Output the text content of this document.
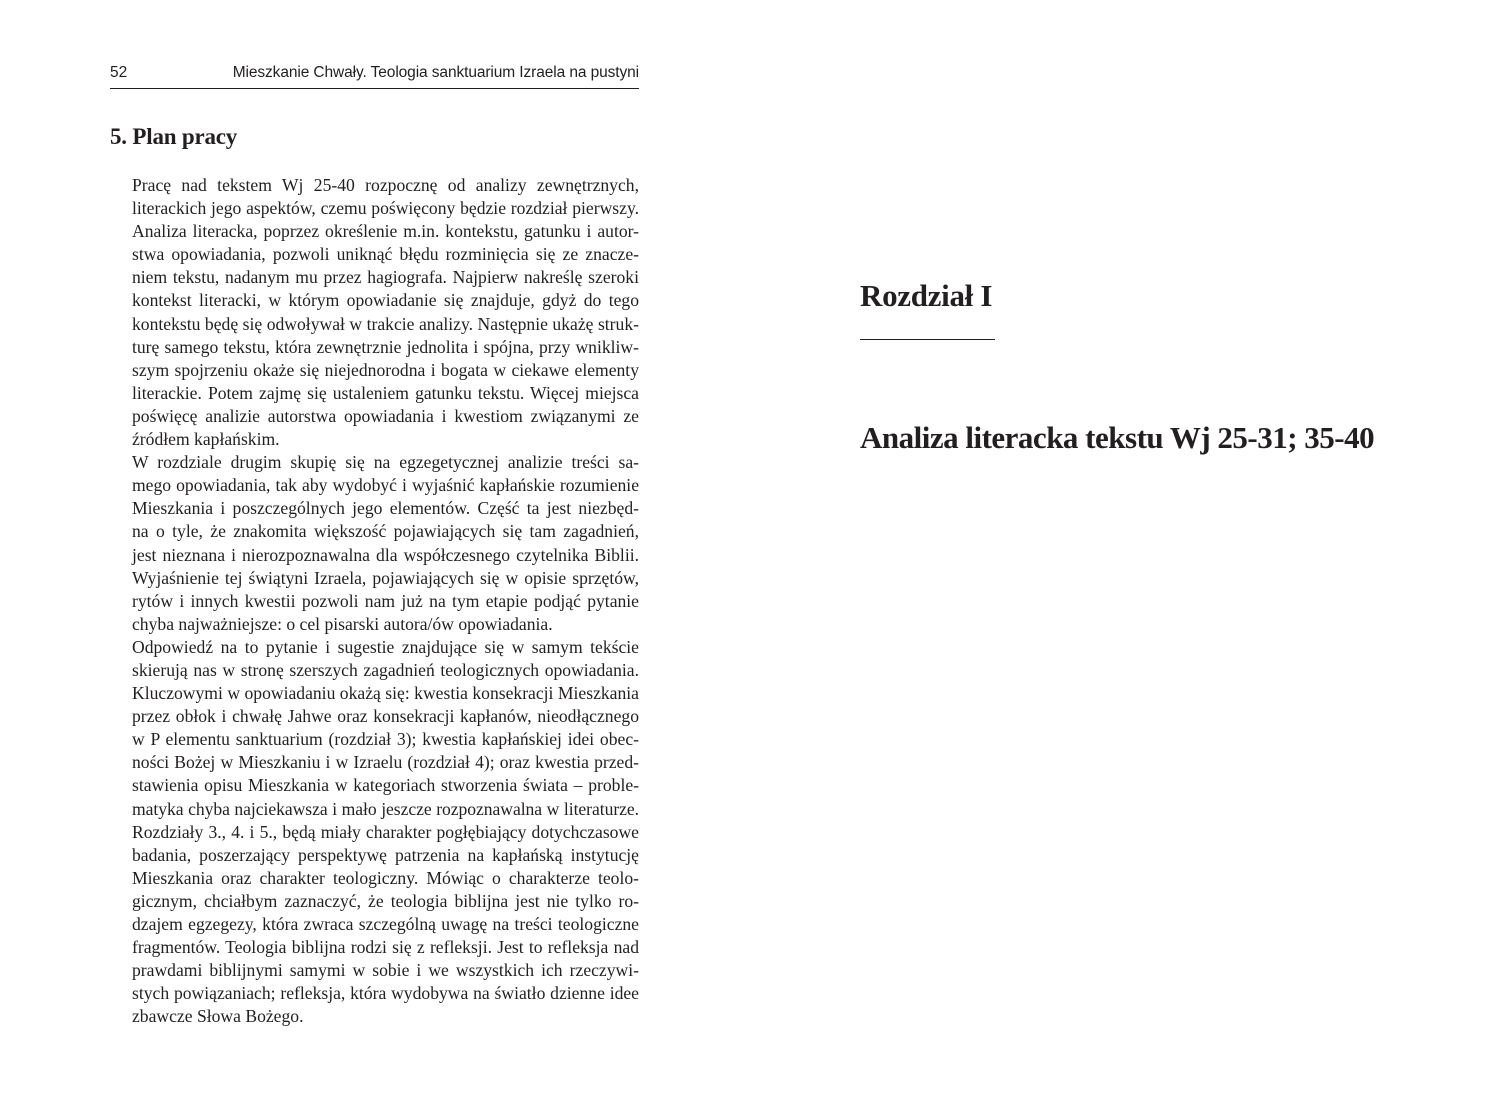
52	Mieszkanie Chwały. Teologia sanktuarium Izraela na pustyni
5. Plan pracy

Pracę nad tekstem Wj 25-40 rozpocznę od analizy zewnętrznych,
literackich jego aspektów, czemu poświęcony będzie rozdział pierwszy.
Analiza literacka, poprzez określenie m.in. kontekstu, gatunku i autor-
stwa opowiadania, pozwoli uniknąć błędu rozminięcia się ze znacze-
niem tekstu, nadanym mu przez hagiografa. Najpierw nakreślę szeroki
kontekst literacki, w którym opowiadanie się znajduje, gdyż do tego
kontekstu będę się odwoływał w trakcie analizy. Następnie ukażę struk-
turę samego tekstu, która zewnętrznie jednolita i spójna, przy wnikliw-
szym spojrzeniu okaże się niejednorodna i bogata w ciekawe elementy
literackie. Potem zajmę się ustaleniem gatunku tekstu. Więcej miejsca
poświęcę analizie autorstwa opowiadania i kwestiom związanymi ze
źródłem kapłańskim.

W rozdziale drugim skupię się na egzegetycznej analizie treści sa-
mego opowiadania, tak aby wydobyć i wyjaśnić kapłańskie rozumienie
Mieszkania i poszczególnych jego elementów. Część ta jest niezbęd-
na o tyle, że znakomita większość pojawiających się tam zagadnień,
jest nieznana i nierozpoznawalna dla współczesnego czytelnika Biblii.
Wyjaśnienie tej świątyni Izraela, pojawiających się w opisie sprzętów,
rytów i innych kwestii pozwoli nam już na tym etapie podjąć pytanie
chyba najważniejsze: o cel pisarski autora/ów opowiadania.

Odpowiedź na to pytanie i sugestie znajdujące się w samym tekście
skierują nas w stronę szerszych zagadnień teologicznych opowiadania.
Kluczowymi w opowiadaniu okażą się: kwestia konsekracji Mieszkania
przez obłok i chwałę Jahwe oraz konsekracji kapłanów, nieodłącznego
w P elementu sanktuarium (rozdział 3); kwestia kapłańskiej idei obec-
ności Bożej w Mieszkaniu i w Izraelu (rozdział 4); oraz kwestia przed-
stawienia opisu Mieszkania w kategoriach stworzenia świata – proble-
matyka chyba najciekawsza i mało jeszcze rozpoznawalna w literaturze.
Rozdziały 3., 4. i 5., będą miały charakter pogłębiający dotychczasowe
badania, poszerzający perspektywę patrzenia na kapłańską instytucję
Mieszkania oraz charakter teologiczny. Mówiąc o charakterze teolo-
gicznym, chciałbym zaznaczyć, że teologia biblijna jest nie tylko ro-
dzajem egzegezy, która zwraca szczególną uwagę na treści teologiczne
fragmentów. Teologia biblijna rodzi się z refleksji. Jest to refleksja nad
prawdami biblijnymi samymi w sobie i we wszystkich ich rzeczywi-
stych powiązaniach; refleksja, która wydobywa na światło dzienne idee
zbawcze Słowa Bożego.

Rozdział I
Analiza literacka tekstu Wj 25-31; 35-40
